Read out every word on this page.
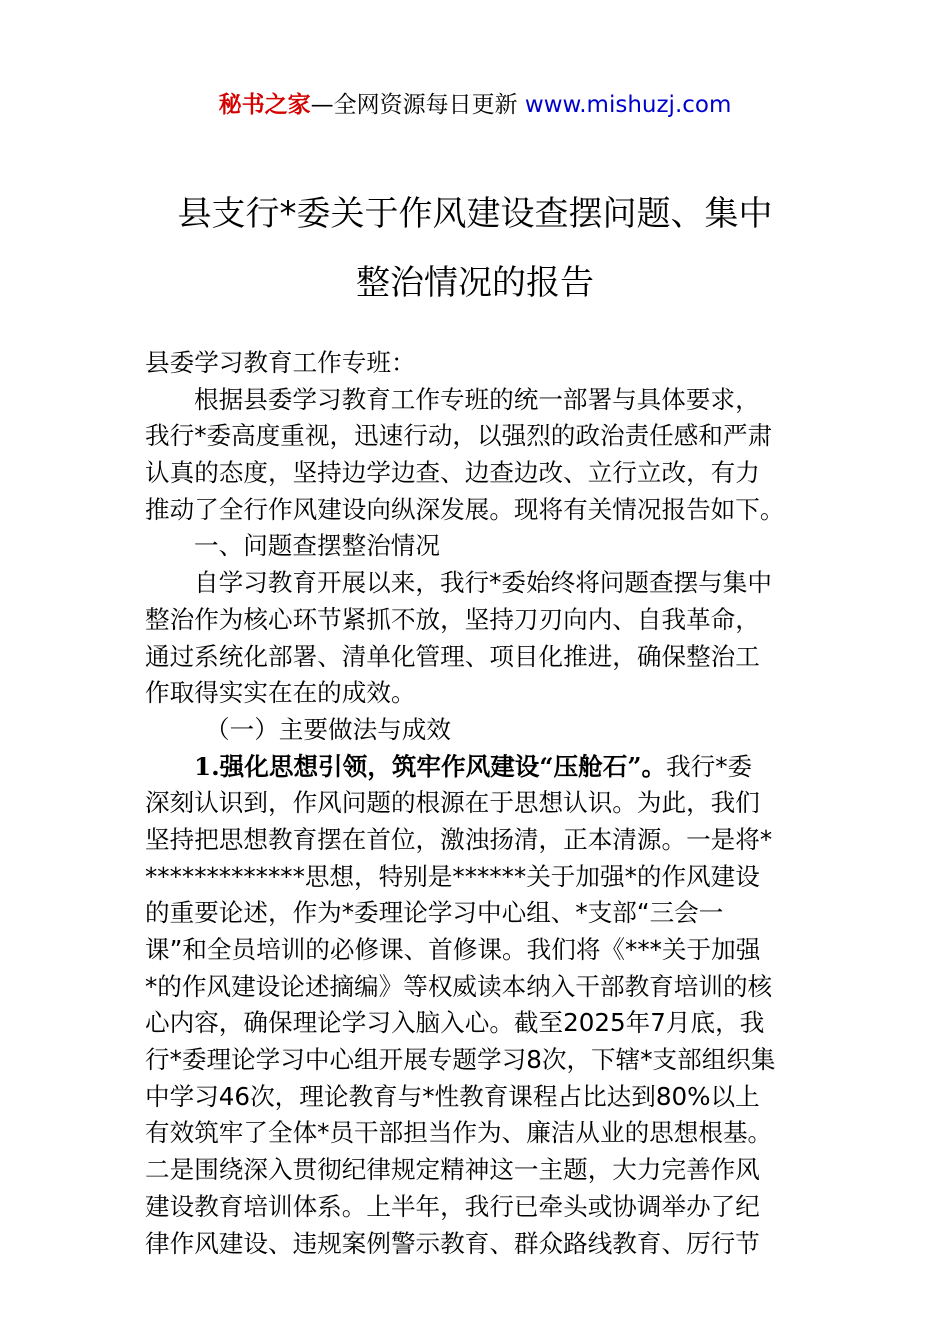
秘书之家—全网资源每日更新 www.mishuzj.com
县支行*委关于作风建设查摆问题、集中
整治情况的报告
县委学习教育工作专班：
根据县委学习教育工作专班的统一部署与具体要求，
我行*委高度重视，迅速行动，以强烈的政治责任感和严肃
认真的态度，坚持边学边查、边查边改、立行立改，有力
推动了全行作风建设向纵深发展。现将有关情况报告如下。
一、问题查摆整治情况
自学习教育开展以来，我行*委始终将问题查摆与集中
整治作为核心环节紧抓不放，坚持刀刃向内、自我革命，
通过系统化部署、清单化管理、项目化推进，确保整治工
作取得实实在在的成效。
（一）主要做法与成效
1.强化思想引领，筑牢作风建设“压舱石”。我行*委
深刻认识到，作风问题的根源在于思想认识。为此，我们
坚持把思想教育摆在首位，激浊扬清，正本清源。一是将*
*************思想，特别是******关于加强*的作风建设
的重要论述，作为*委理论学习中心组、*支部“三会一
课”和全员培训的必修课、首修课。我们将《***关于加强
*的作风建设论述摘编》等权威读本纳入干部教育培训的核
心内容，确保理论学习入脑入心。截至2025年7月底，我
行*委理论学习中心组开展专题学习8次，下辖*支部组织集
中学习46次，理论教育与*性教育课程占比达到80%以上
有效筑牢了全体*员干部担当作为、廉洁从业的思想根基。
二是围绕深入贯彻纪律规定精神这一主题，大力完善作风
建设教育培训体系。上半年，我行已牵头或协调举办了纪
律作风建设、违规案例警示教育、群众路线教育、厉行节
